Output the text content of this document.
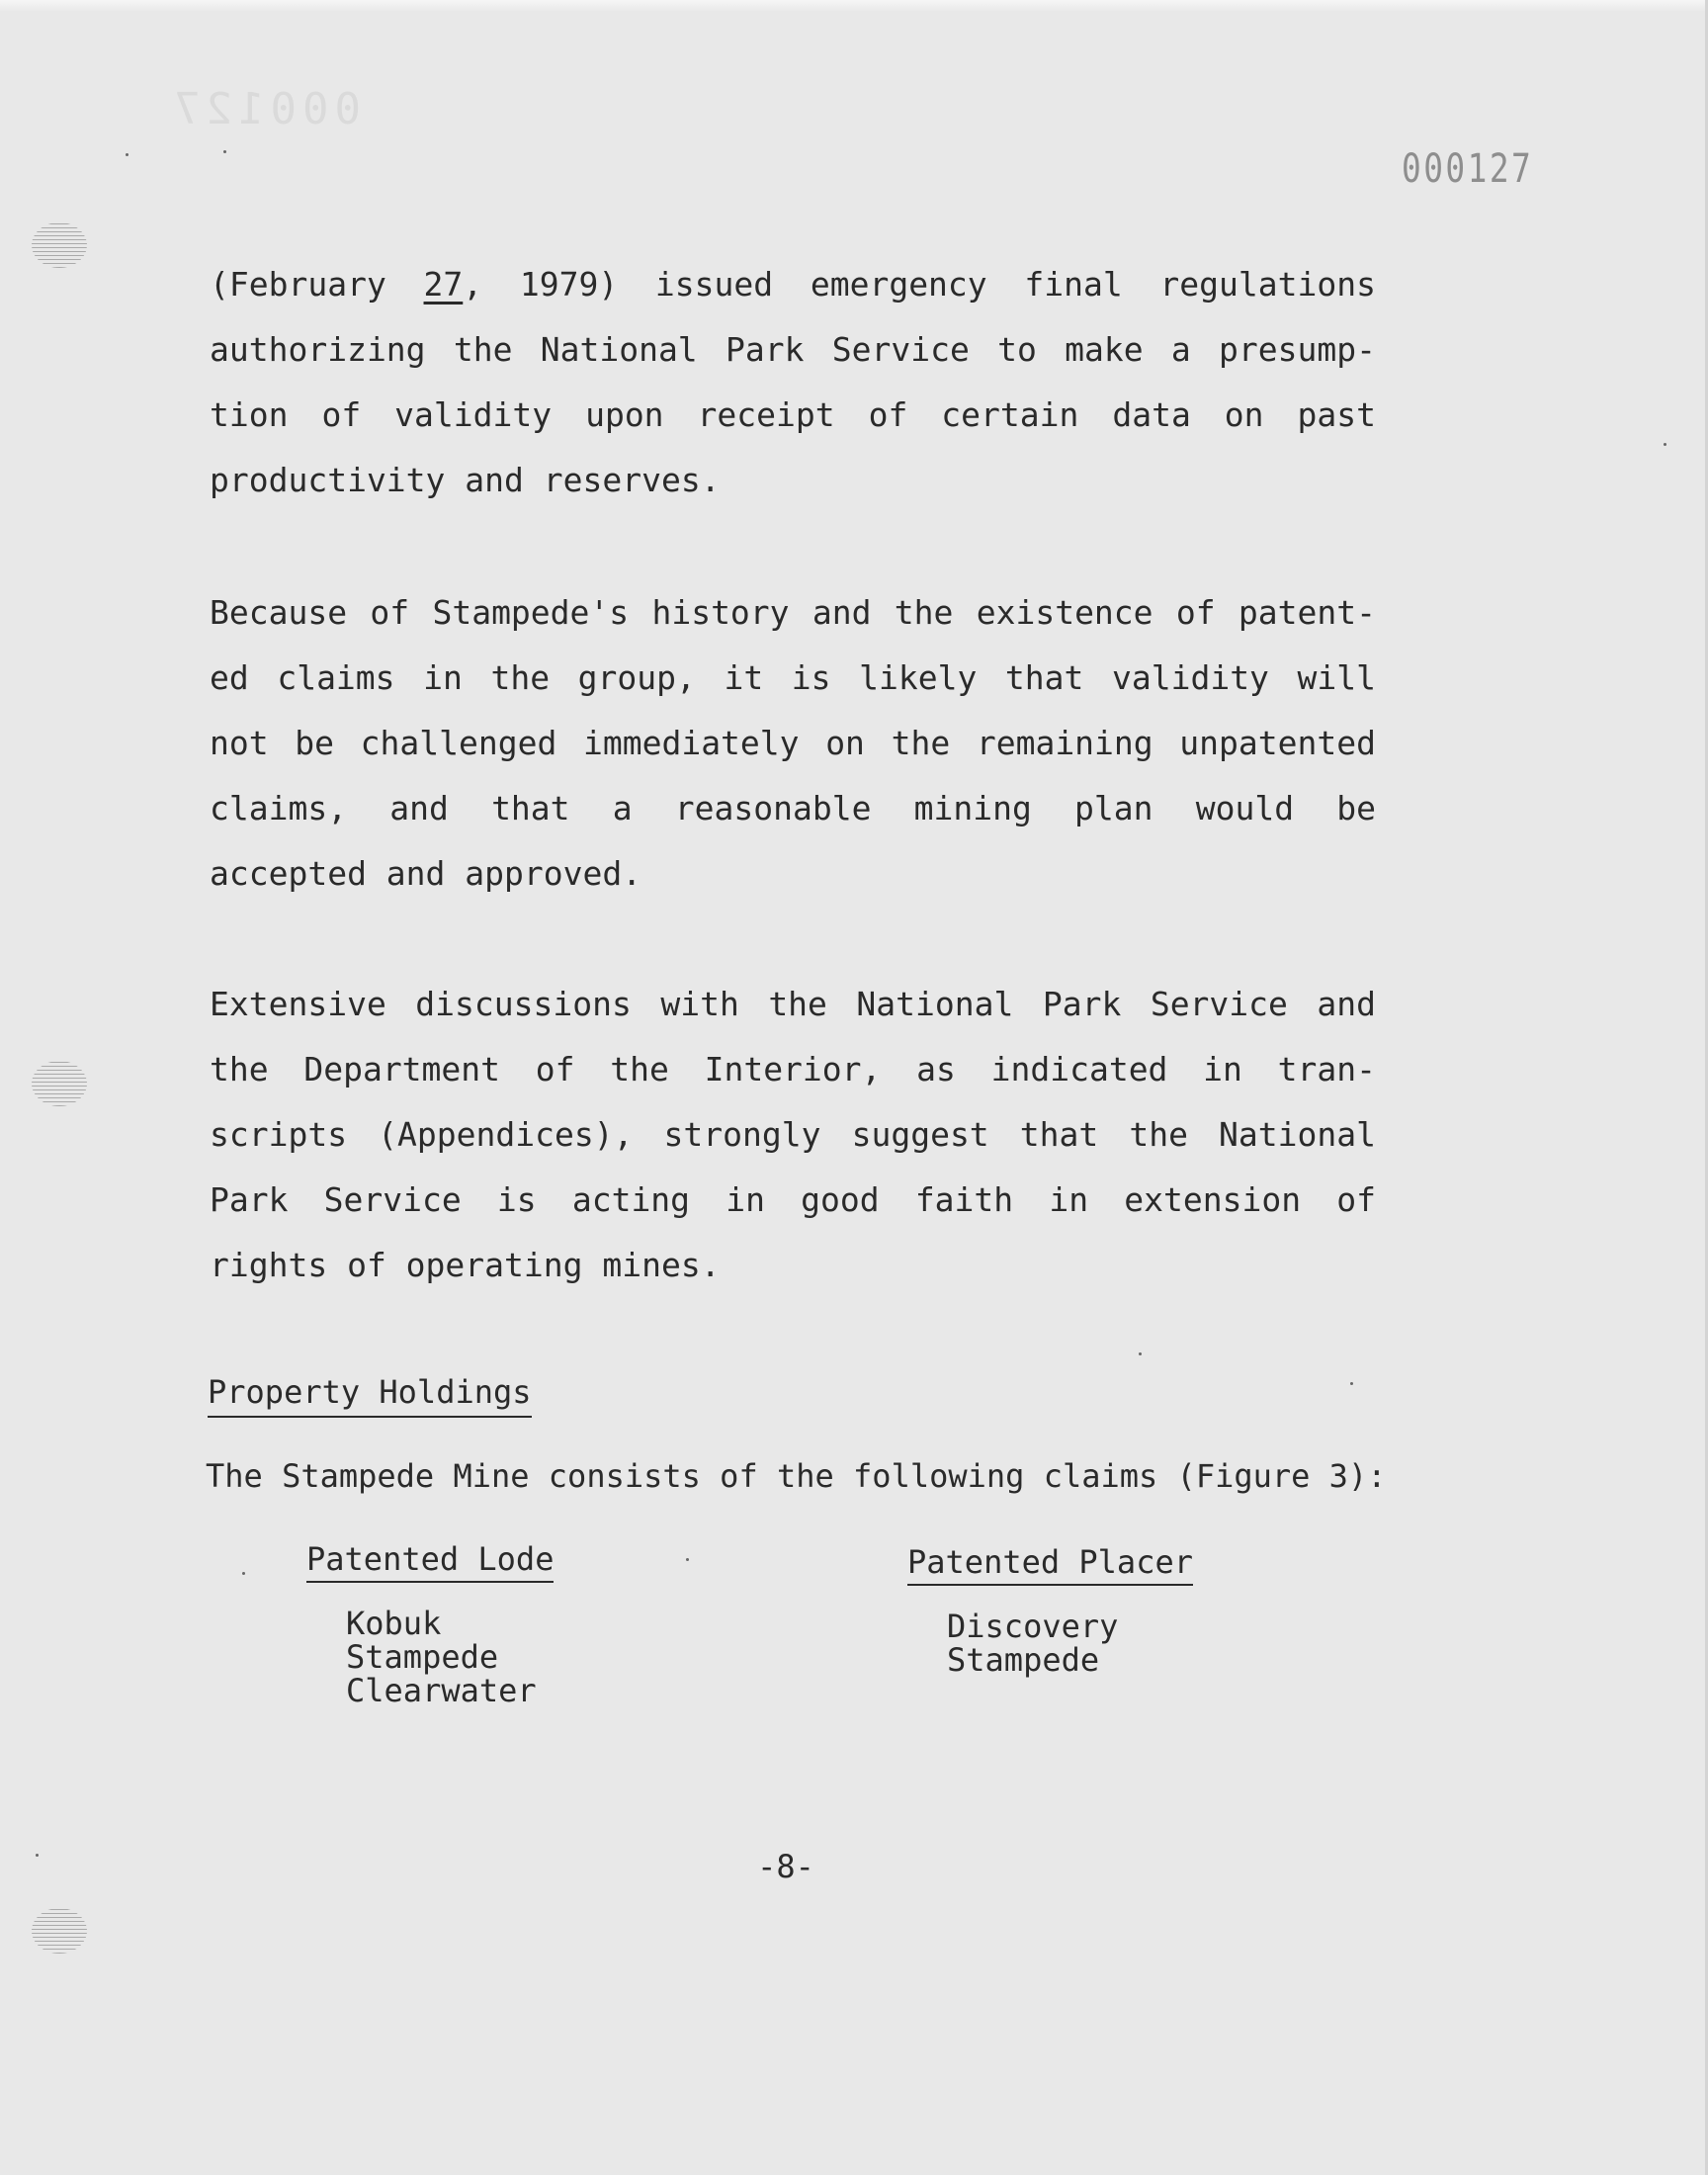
000127
000127
(February 27, 1979) issued emergency final regulations
authorizing the National Park Service to make a presump-
tion of validity upon receipt of certain data on past
productivity and reserves.
Because of Stampede's history and the existence of patent-
ed claims in the group, it is likely that validity will
not be challenged immediately on the remaining unpatented
claims, and that a reasonable mining plan would be
accepted and approved.
Extensive discussions with the National Park Service and
the Department of the Interior, as indicated in tran-
scripts (Appendices), strongly suggest that the National
Park Service is acting in good faith in extension of
rights of operating mines.
Property Holdings
The Stampede Mine consists of the following claims (Figure 3):
Patented Lode
Kobuk
Stampede
Clearwater
Patented Placer
Discovery
Stampede
-8-
